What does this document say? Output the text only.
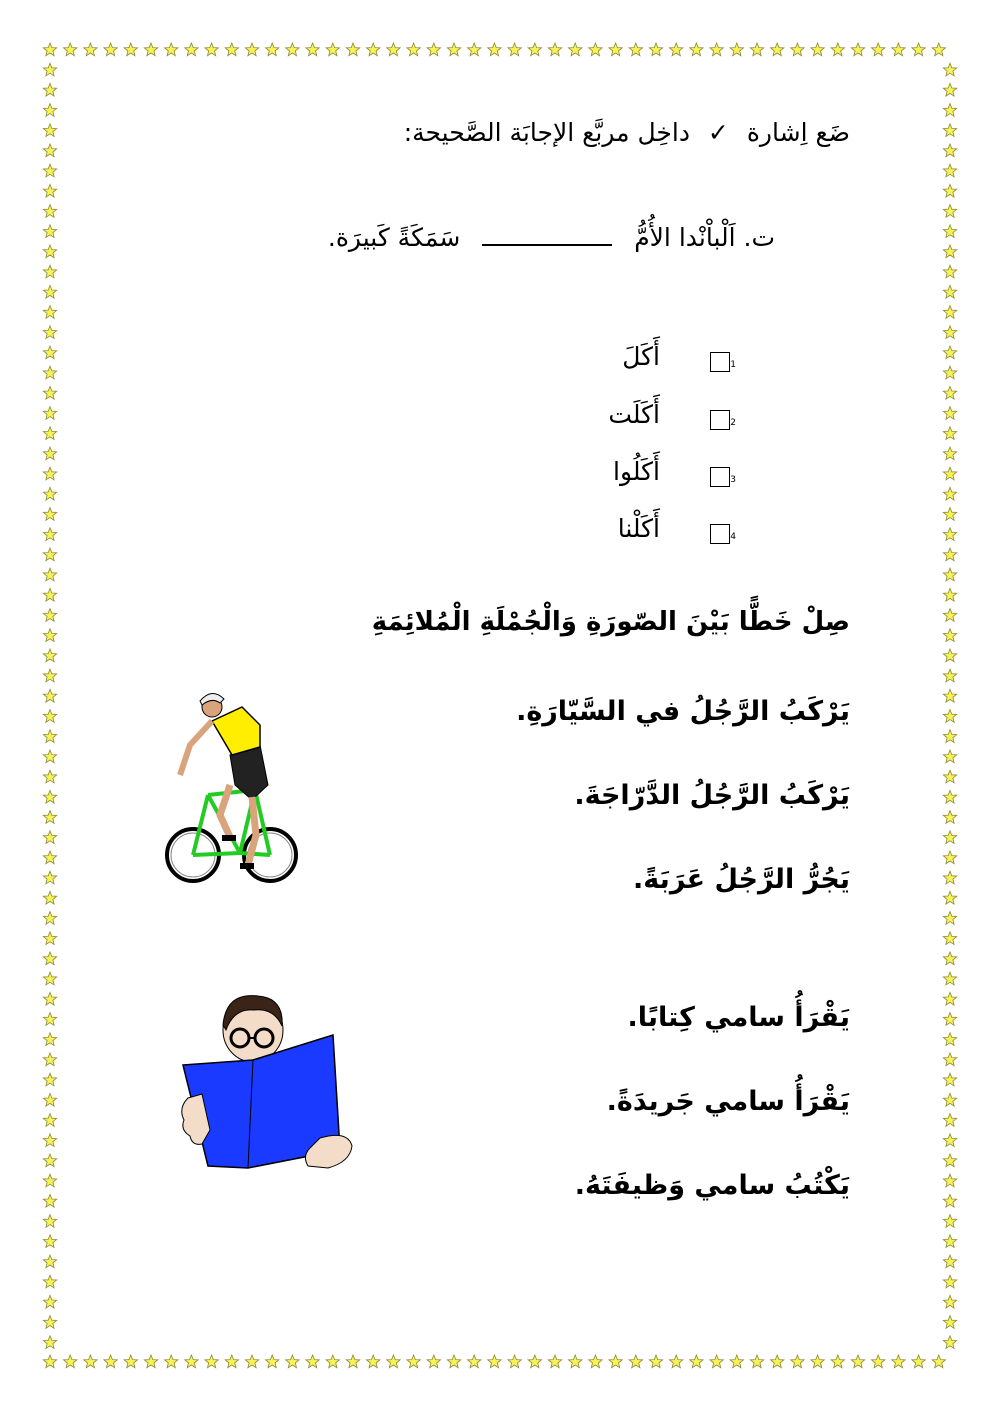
ضَع اِشارة ✓ داخِل مربَّع الإجابَة الصَّحيحة:
ت. اَلْباْنْدا الأُمُّ  سَمَكَةً كَبيرَة.
1
أَكَلَ
2
أَكَلَت
3
أَكَلُوا
4
أَكَلْنا
صِلْ خَطًّا بَيْنَ الصّورَةِ وَالْجُمْلَةِ الْمُلائِمَةِ
يَرْكَبُ الرَّجُلُ في السَّيّارَةِ.
يَرْكَبُ الرَّجُلُ الدَّرّاجَةَ.
يَجُرُّ الرَّجُلُ عَرَبَةً.
يَقْرَأُ سامي كِتابًا.
يَقْرَأُ سامي جَريدَةً.
يَكْتُبُ سامي وَظيفَتَهُ.
